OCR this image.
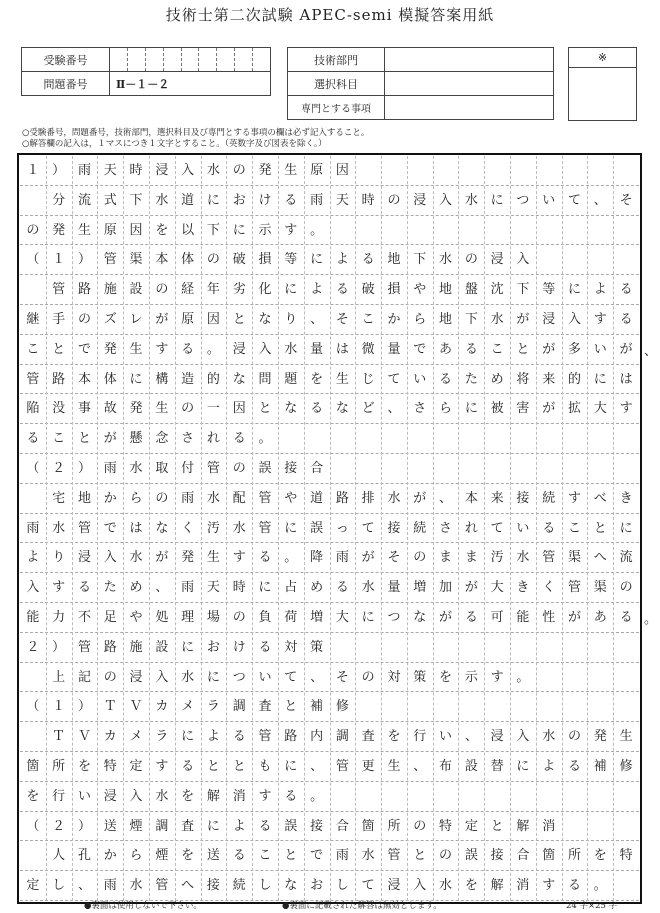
技術士第二次試験 APEC-semi 模擬答案用紙
受験番号	

問題番号	Ⅱ－１－２
技術部門	
選択科目	
専門とする事項	
※

○受験番号，問題番号，技術部門，選択科目及び専門とする事項の欄は必ず記入すること。
○解答欄の記入は，１マスにつき１文字とすること。（英数字及び図表を除く。）
１ ） 雨 天 時 浸 入 水 の 発 生 原 因

分 流 式 下 水 道 に お け る 雨 天 時 の 浸 入 水 に つ い て 、 そ
の 発 生 原 因 を 以 下 に 示 す 。
（ １ ） 管 渠 本 体 の 破 損 等 に よ る 地 下 水 の 浸 入

管 路 施 設 の 経 年 劣 化 に よ る 破 損 や 地 盤 沈 下 等 に よ る
継 手 の ズ レ が 原 因 と な り 、 そ こ か ら 地 下 水 が 浸 入 す る
こ と で 発 生 す る 。 浸 入 水 量 は 微 量 で あ る こ と が 多 い が
管 路 本 体 に 構 造 的 な 問 題 を 生 じ て い る た め 将 来 的 に は
陥 没 事 故 発 生 の 一 因 と な る な ど 、 さ ら に 被 害 が 拡 大 す
る こ と が 懸 念 さ れ る 。
（ ２ ） 雨 水 取 付 管 の 誤 接 合

宅 地 か ら の 雨 水 配 管 や 道 路 排 水 が 、 本 来 接 続 す べ き
雨 水 管 で は な く 汚 水 管 に 誤 っ て 接 続 さ れ て い る こ と に
よ り 浸 入 水 が 発 生 す る 。 降 雨 が そ の ま ま 汚 水 管 渠 へ 流
入 す る た め 、 雨 天 時 に 占 め る 水 量 増 加 が 大 き く 管 渠 の
能 力 不 足 や 処 理 場 の 負 荷 増 大 に つ な が る 可 能 性 が あ る
２ ） 管 路 施 設 に お け る 対 策

上 記 の 浸 入 水 に つ い て 、 そ の 対 策 を 示 す 。
（ １ ） Ｔ Ｖ カ メ ラ 調 査 と 補 修

Ｔ Ｖ カ メ ラ に よ る 管 路 内 調 査 を 行 い 、 浸 入 水 の 発 生
箇 所 を 特 定 す る と と も に 、 管 更 生 、 布 設 替 に よ る 補 修
を 行 い 浸 入 水 を 解 消 す る 。
（ ２ ） 送 煙 調 査 に よ る 誤 接 合 箇 所 の 特 定 と 解 消

人 孔 か ら 煙 を 送 る こ と で 雨 水 管 と の 誤 接 合 箇 所 を 特
定 し 、 雨 水 管 へ 接 続 し な お し て 浸 入 水 を 解 消 す る 。
●裏面は使用しないで下さい。	●裏面に記載された解答は無効とします。	24 字×25 字
、
。
